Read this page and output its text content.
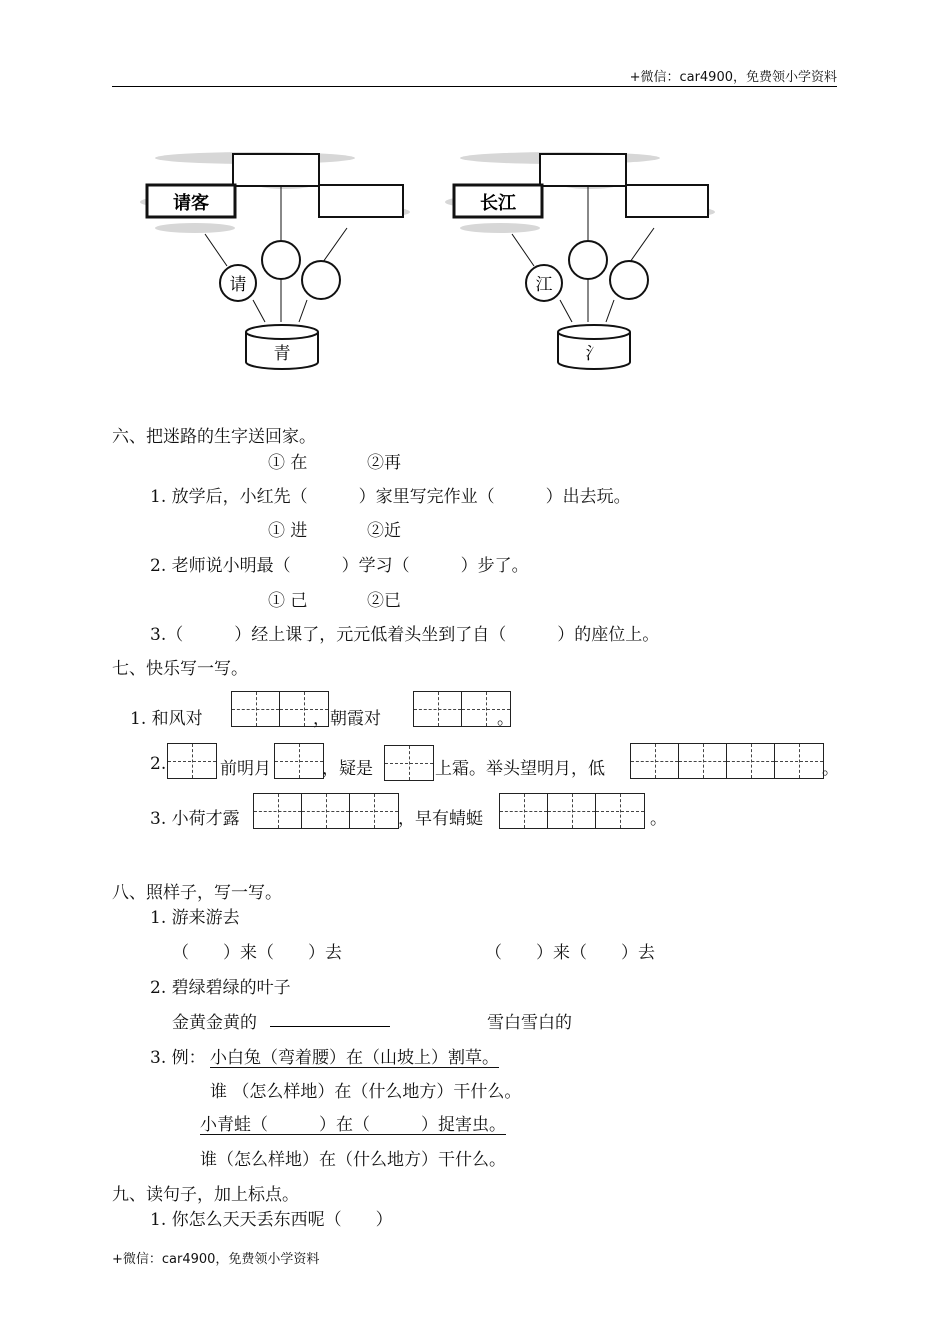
+微信：car4900，免费领小学资料
请客
请
青
长江
江
氵
六、把迷路的生字送回家。
① 在	②再
1. 放学后，小红先（　　　）家里写完作业（　　　）出去玩。
① 进	②近
2. 老师说小明最（　　　）学习（　　　）步了。
① 己	②已
3.（　　　）经上课了，元元低着头坐到了自（　　　）的座位上。
七、快乐写一写。
1. 和风对	，朝霞对	。
2.	前明月	，疑是	上霜。举头望明月，低	。
3. 小荷才露	，早有蜻蜓	。
八、照样子，写一写。
1. 游来游去
（　　）来（　　）去	（　　）来（　　）去
2. 碧绿碧绿的叶子
金黄金黄的	雪白雪白的
3. 例： 小白兔（弯着腰）在（山坡上）割草。
谁 （怎么样地）在（什么地方）干什么。
小青蛙（　　　）在（　　　）捉害虫。
谁（怎么样地）在（什么地方）干什么。
九、读句子，加上标点。
1. 你怎么天天丢东西呢（　　）
+微信：car4900，免费领小学资料
